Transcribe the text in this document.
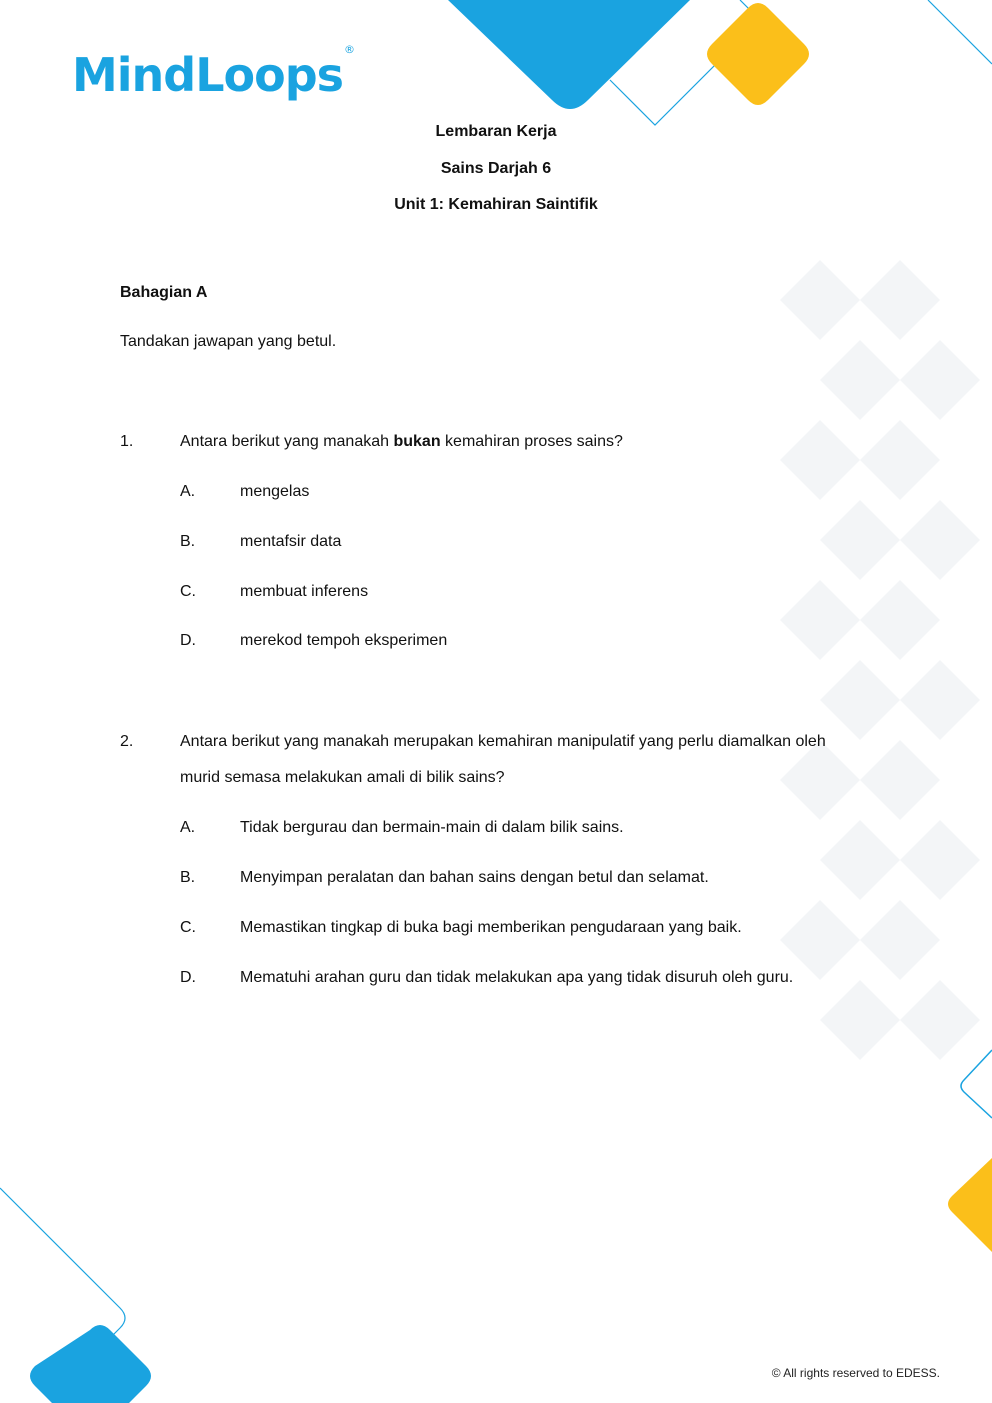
MindLoops®
Lembaran Kerja
Sains Darjah 6
Unit 1: Kemahiran Saintifik
Bahagian A
Tandakan jawapan yang betul.
1.	Antara berikut yang manakah bukan kemahiran proses sains?
A.	mengelas
B.	mentafsir data
C.	membuat inferens
D.	merekod tempoh eksperimen
2.	Antara berikut yang manakah merupakan kemahiran manipulatif yang perlu diamalkan oleh murid semasa melakukan amali di bilik sains?
A.	Tidak bergurau dan bermain-main di dalam bilik sains.
B.	Menyimpan peralatan dan bahan sains dengan betul dan selamat.
C.	Memastikan tingkap di buka bagi memberikan pengudaraan yang baik.
D.	Mematuhi arahan guru dan tidak melakukan apa yang tidak disuruh oleh guru.
© All rights reserved to EDESS.
